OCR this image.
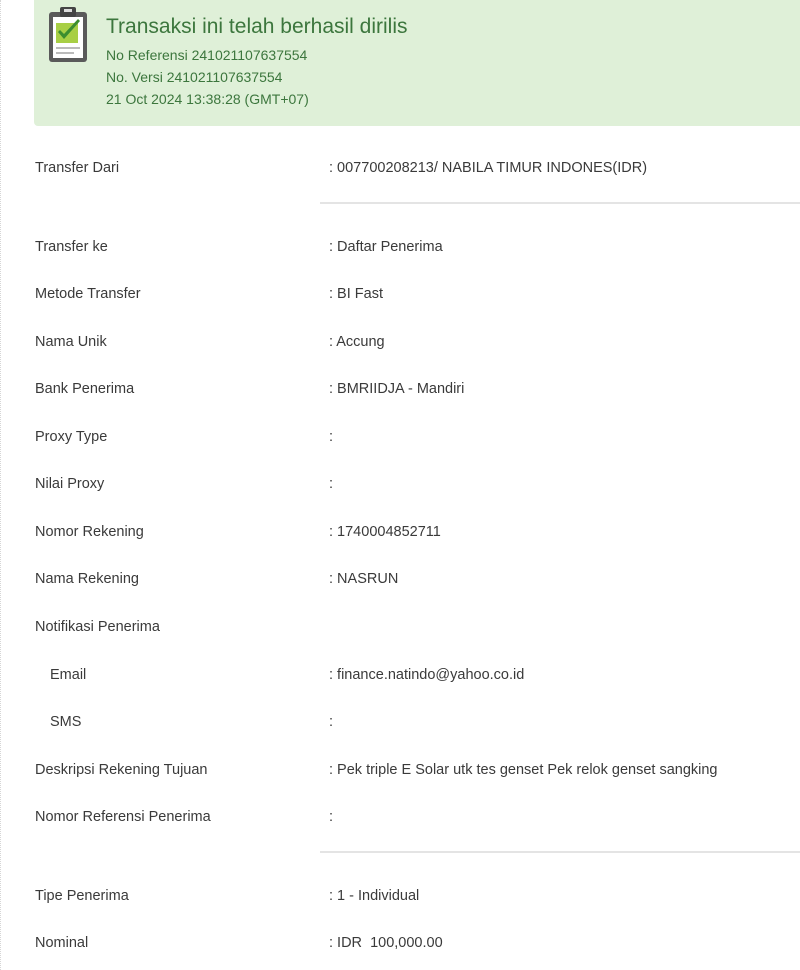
Transaksi ini telah berhasil dirilis
No Referensi 241021107637554
No. Versi 241021107637554
21 Oct 2024 13:38:28 (GMT+07)
Transfer Dari	: 007700208213/ NABILA TIMUR INDONES(IDR)
Transfer ke	: Daftar Penerima
Metode Transfer	: BI Fast
Nama Unik	: Accung
Bank Penerima	: BMRIIDJA - Mandiri
Proxy Type	:
Nilai Proxy	:
Nomor Rekening	: 1740004852711
Nama Rekening	: NASRUN
Notifikasi Penerima
Email	: finance.natindo@yahoo.co.id
SMS	:
Deskripsi Rekening Tujuan	: Pek triple E Solar utk tes genset Pek relok genset sangking
Nomor Referensi Penerima	:
Tipe Penerima	: 1 - Individual
Nominal	: IDR  100,000.00
